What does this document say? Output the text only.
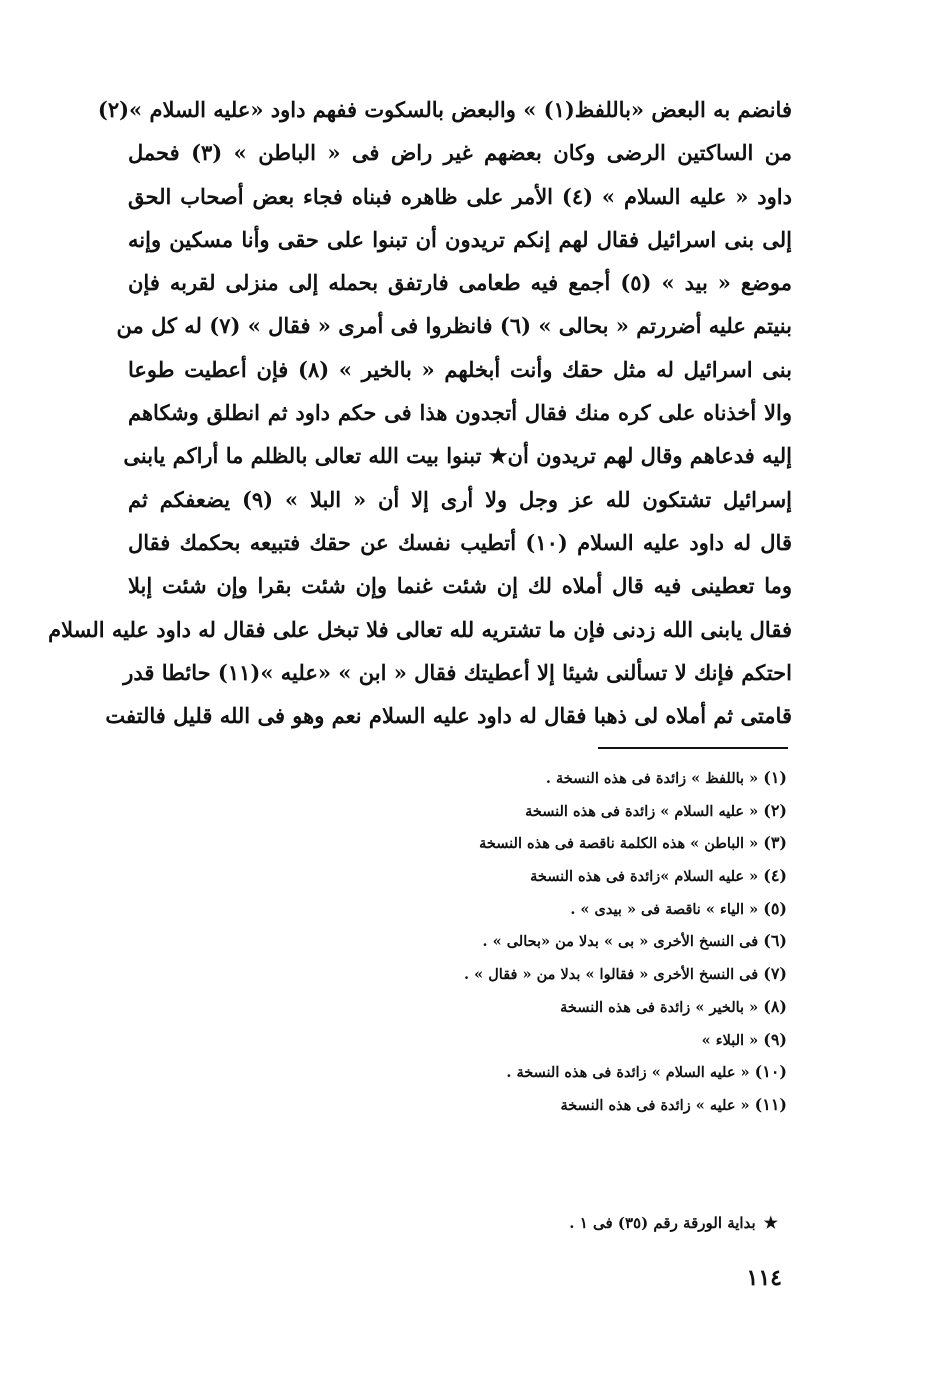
فانضم به البعض «باللفظ(١) » والبعض بالسكوت ففهم داود «عليه السلام »(٢)
من الساكتين الرضى وكان بعضهم غير راض فى « الباطن » (٣) فحمل
داود « عليه السلام » (٤) الأمر على ظاهره فبناه فجاء بعض أصحاب الحق
إلى بنى اسرائيل فقال لهم إنكم تريدون أن تبنوا على حقى وأنا مسكين وإنه
موضع « بيد » (٥) أجمع فيه طعامى فارتفق بحمله إلى منزلى لقربه فإن
بنيتم عليه أضررتم « بحالى » (٦) فانظروا فى أمرى « فقال » (٧) له كل من
بنى اسرائيل له مثل حقك وأنت أبخلهم « بالخير » (٨) فإن أعطيت طوعا
والا أخذناه على كره منك فقال أتجدون هذا فى حكم داود ثم انطلق وشكاهم
إليه فدعاهم وقال لهم تريدون أن★ تبنوا بيت الله تعالى بالظلم ما أراكم يابنى
إسرائيل تشتكون لله عز وجل ولا أرى إلا أن « البلا » (٩) يضعفكم ثم
قال له داود عليه السلام (١٠) أتطيب نفسك عن حقك فتبيعه بحكمك فقال
وما تعطينى فيه قال أملاه لك إن شئت غنما وإن شئت بقرا وإن شئت إبلا
فقال يابنى الله زدنى فإن ما تشتريه لله تعالى فلا تبخل على فقال له داود عليه السلام
احتكم فإنك لا تسألنى شيئا إلا أعطيتك فقال « ابن » «عليه »(١١) حائطا قدر
قامتى ثم أملاه لى ذهبا فقال له داود عليه السلام نعم وهو فى الله قليل فالتفت
(١) « باللفظ » زائدة فى هذه النسخة .
(٢) « عليه السلام » زائدة فى هذه النسخة
(٣) « الباطن » هذه الكلمة ناقصة فى هذه النسخة
(٤) « عليه السلام »زائدة فى هذه النسخة
(٥) « الياء » ناقصة فى « بيدى » .
(٦) فى النسخ الأخرى « بى » بدلا من «بحالى » .
(٧) فى النسخ الأخرى « فقالوا » بدلا من « فقال » .
(٨) « بالخير » زائدة فى هذه النسخة
(٩) « البلاء »
(١٠) « عليه السلام » زائدة فى هذه النسخة .
(١١) « عليه » زائدة فى هذه النسخة
★بداية الورقة رقم (٣٥) فى ١ .
١١٤
